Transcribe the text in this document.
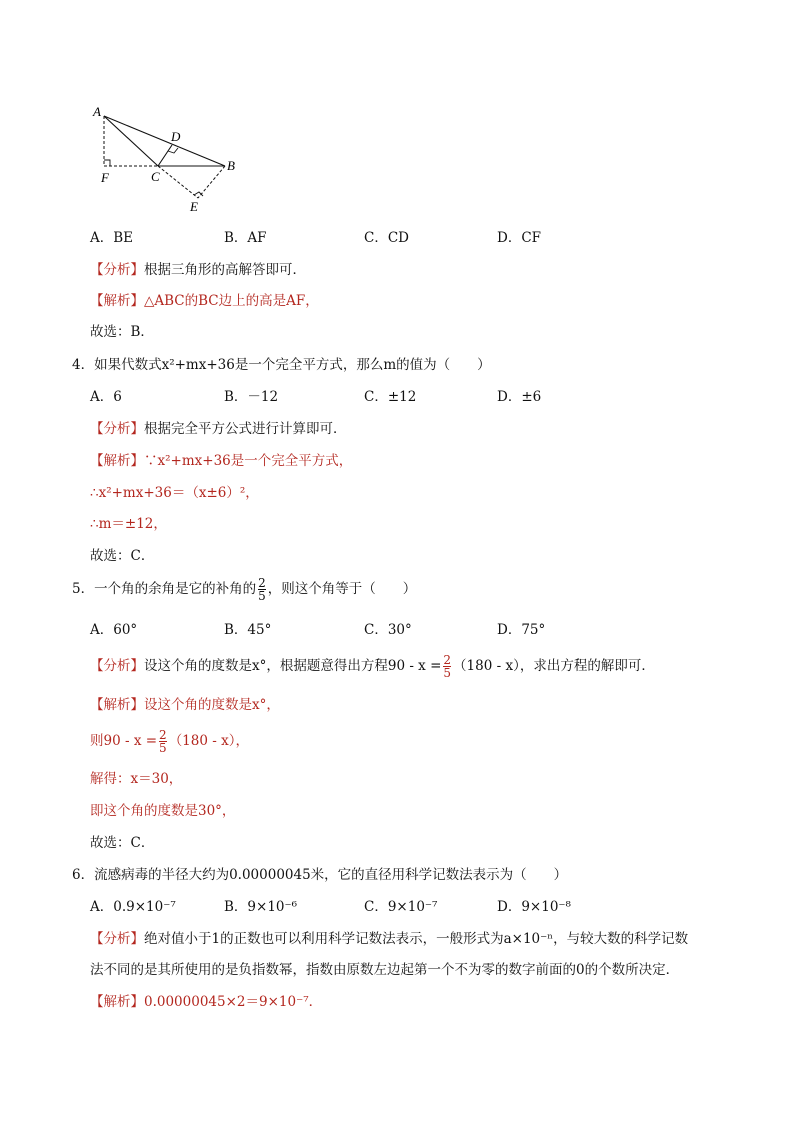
A
D
B
F	C
E
A．BE	B．AF	C．CD	D．CF
【分析】根据三角形的高解答即可．
【解析】△ABC的BC边上的高是AF，
故选：B．
4．如果代数式x²+mx+36是一个完全平方式，那么m的值为（　　）
A．6	B．－12	C．±12	D．±6
【分析】根据完全平方公式进行计算即可．
【解析】∵x²+mx+36是一个完全平方式，
∴x²+mx+36＝（x±6）²，
∴m＝±12，
故选：C．
5．一个角的余角是它的补角的 $\frac{2}{5}$ ，则这个角等于（　　）
A．60°	B．45°	C．30°	D．75°
【分析】设这个角的度数是x°，根据题意得出方程$90 - x = \frac{2}{5} (180 - x)$，求出方程的解即可．
【解析】设这个角的度数是x°，
则$90 - x = \frac{2}{5} (180 - x)$，
解得：x＝30，
即这个角的度数是30°，
故选：C．
6．流感病毒的半径大约为0.00000045米，它的直径用科学记数法表示为（　　）
A．0.9×10⁻⁷	B．9×10⁻⁶	C．9×10⁻⁷	D．9×10⁻⁸
【分析】绝对值小于1的正数也可以利用科学记数法表示，一般形式为a×10⁻ⁿ，与较大数的科学记数
法不同的是其所使用的是负指数幂，指数由原数左边起第一个不为零的数字前面的0的个数所决定．
【解析】0.00000045×2＝9×10⁻⁷．
